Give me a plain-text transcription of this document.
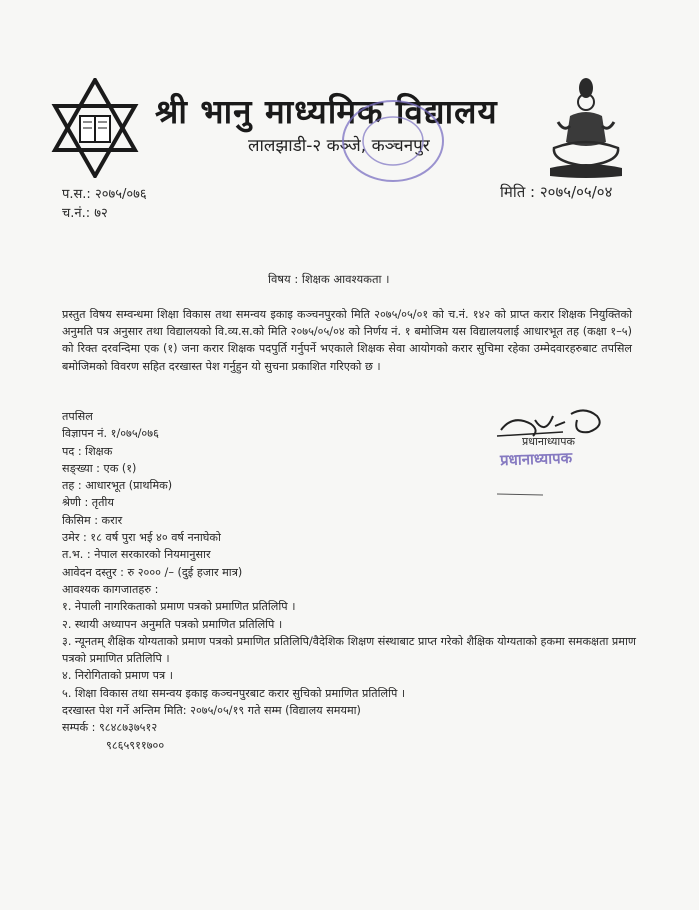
श्री भानु माध्यमिक विद्यालय
लालझाडी-२ कञ्जे, कञ्चनपुर
प.स.: २०७५/०७६
च.नं.: ७२
मिति : २०७५/०५/०४
विषय : शिक्षक आवश्यकता ।
प्रस्तुत विषय सम्वन्धमा शिक्षा विकास तथा समन्वय इकाइ कञ्चनपुरको मिति २०७५/०५/०१ को च.नं. १४२ को प्राप्त करार शिक्षक नियुक्तिको अनुमति पत्र अनुसार तथा विद्यालयको वि.व्य.स.को मिति २०७५/०५/०४ को निर्णय नं. १ बमोजिम यस विद्यालयलाई आधारभूत तह (कक्षा १–५) को रिक्त दरवन्दिमा एक (१) जना करार शिक्षक पदपुर्ति गर्नुपर्ने भएकाले शिक्षक सेवा आयोगको करार सुचिमा रहेका उम्मेदवारहरुबाट तपसिल बमोजिमको विवरण सहित दरखास्त पेश गर्नुहुन यो सुचना प्रकाशित गरिएको छ ।
प्रधानाध्यापक
प्रधानाध्यापक
तपसिल
विज्ञापन नं. १/०७५/०७६
पद : शिक्षक
सङ्ख्या : एक (१)
तह : आधारभूत (प्राथमिक)
श्रेणी : तृतीय
किसिम : करार
उमेर : १८ वर्ष पुरा भई ४० वर्ष ननाघेको
त.भ. : नेपाल सरकारको नियमानुसार
आवेदन दस्तुर : रु २००० /– (दुई हजार मात्र)
आवश्यक कागजातहरु :
१. नेपाली नागरिकताको प्रमाण पत्रको प्रमाणित प्रतिलिपि ।
२. स्थायी अध्यापन अनुमति पत्रको प्रमाणित प्रतिलिपि ।
३. न्यूनतम् शैक्षिक योग्यताको प्रमाण पत्रको प्रमाणित प्रतिलिपि/वैदेशिक शिक्षण संस्थाबाट प्राप्त गरेको शैक्षिक योग्यताको हकमा समकक्षता प्रमाण पत्रको प्रमाणित प्रतिलिपि ।
४. निरोगिताको प्रमाण पत्र ।
५. शिक्षा विकास तथा समन्वय इकाइ कञ्चनपुरबाट करार सुचिको प्रमाणित प्रतिलिपि ।
दरखास्त पेश गर्ने अन्तिम मिति: २०७५/०५/१९ गते सम्म (विद्यालय समयमा)
सम्पर्क : ९८४८७३७५१२
९८६५९११७००
